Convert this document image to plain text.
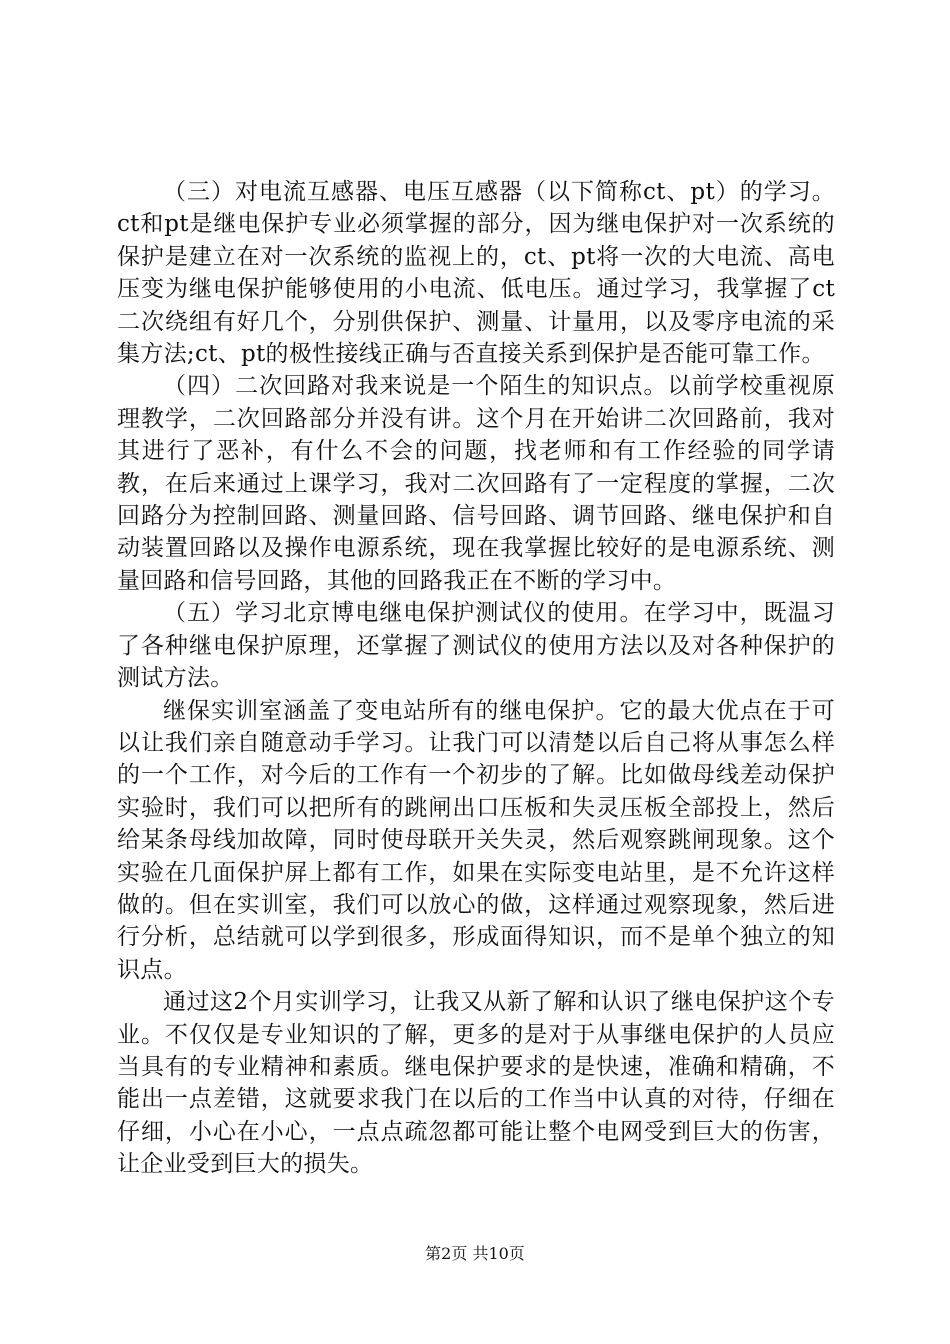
（三）对电流互感器、电压互感器（以下简称ct、pt）的学习。ct和pt是继电保护专业必须掌握的部分，因为继电保护对一次系统的保护是建立在对一次系统的监视上的，ct、pt将一次的大电流、高电压变为继电保护能够使用的小电流、低电压。通过学习，我掌握了ct二次绕组有好几个，分别供保护、测量、计量用，以及零序电流的采集方法;ct、pt的极性接线正确与否直接关系到保护是否能可靠工作。

（四）二次回路对我来说是一个陌生的知识点。以前学校重视原理教学，二次回路部分并没有讲。这个月在开始讲二次回路前，我对其进行了恶补，有什么不会的问题，找老师和有工作经验的同学请教，在后来通过上课学习，我对二次回路有了一定程度的掌握，二次回路分为控制回路、测量回路、信号回路、调节回路、继电保护和自动装置回路以及操作电源系统，现在我掌握比较好的是电源系统、测量回路和信号回路，其他的回路我正在不断的学习中。

（五）学习北京博电继电保护测试仪的使用。在学习中，既温习了各种继电保护原理，还掌握了测试仪的使用方法以及对各种保护的测试方法。

继保实训室涵盖了变电站所有的继电保护。它的最大优点在于可以让我们亲自随意动手学习。让我门可以清楚以后自己将从事怎么样的一个工作，对今后的工作有一个初步的了解。比如做母线差动保护实验时，我们可以把所有的跳闸出口压板和失灵压板全部投上，然后给某条母线加故障，同时使母联开关失灵，然后观察跳闸现象。这个实验在几面保护屏上都有工作，如果在实际变电站里，是不允许这样做的。但在实训室，我们可以放心的做，这样通过观察现象，然后进行分析，总结就可以学到很多，形成面得知识，而不是单个独立的知识点。

通过这2个月实训学习，让我又从新了解和认识了继电保护这个专业。不仅仅是专业知识的了解，更多的是对于从事继电保护的人员应当具有的专业精神和素质。继电保护要求的是快速，准确和精确，不能出一点差错，这就要求我门在以后的工作当中认真的对待，仔细在仔细，小心在小心，一点点疏忽都可能让整个电网受到巨大的伤害，让企业受到巨大的损失。

第2页 共10页
